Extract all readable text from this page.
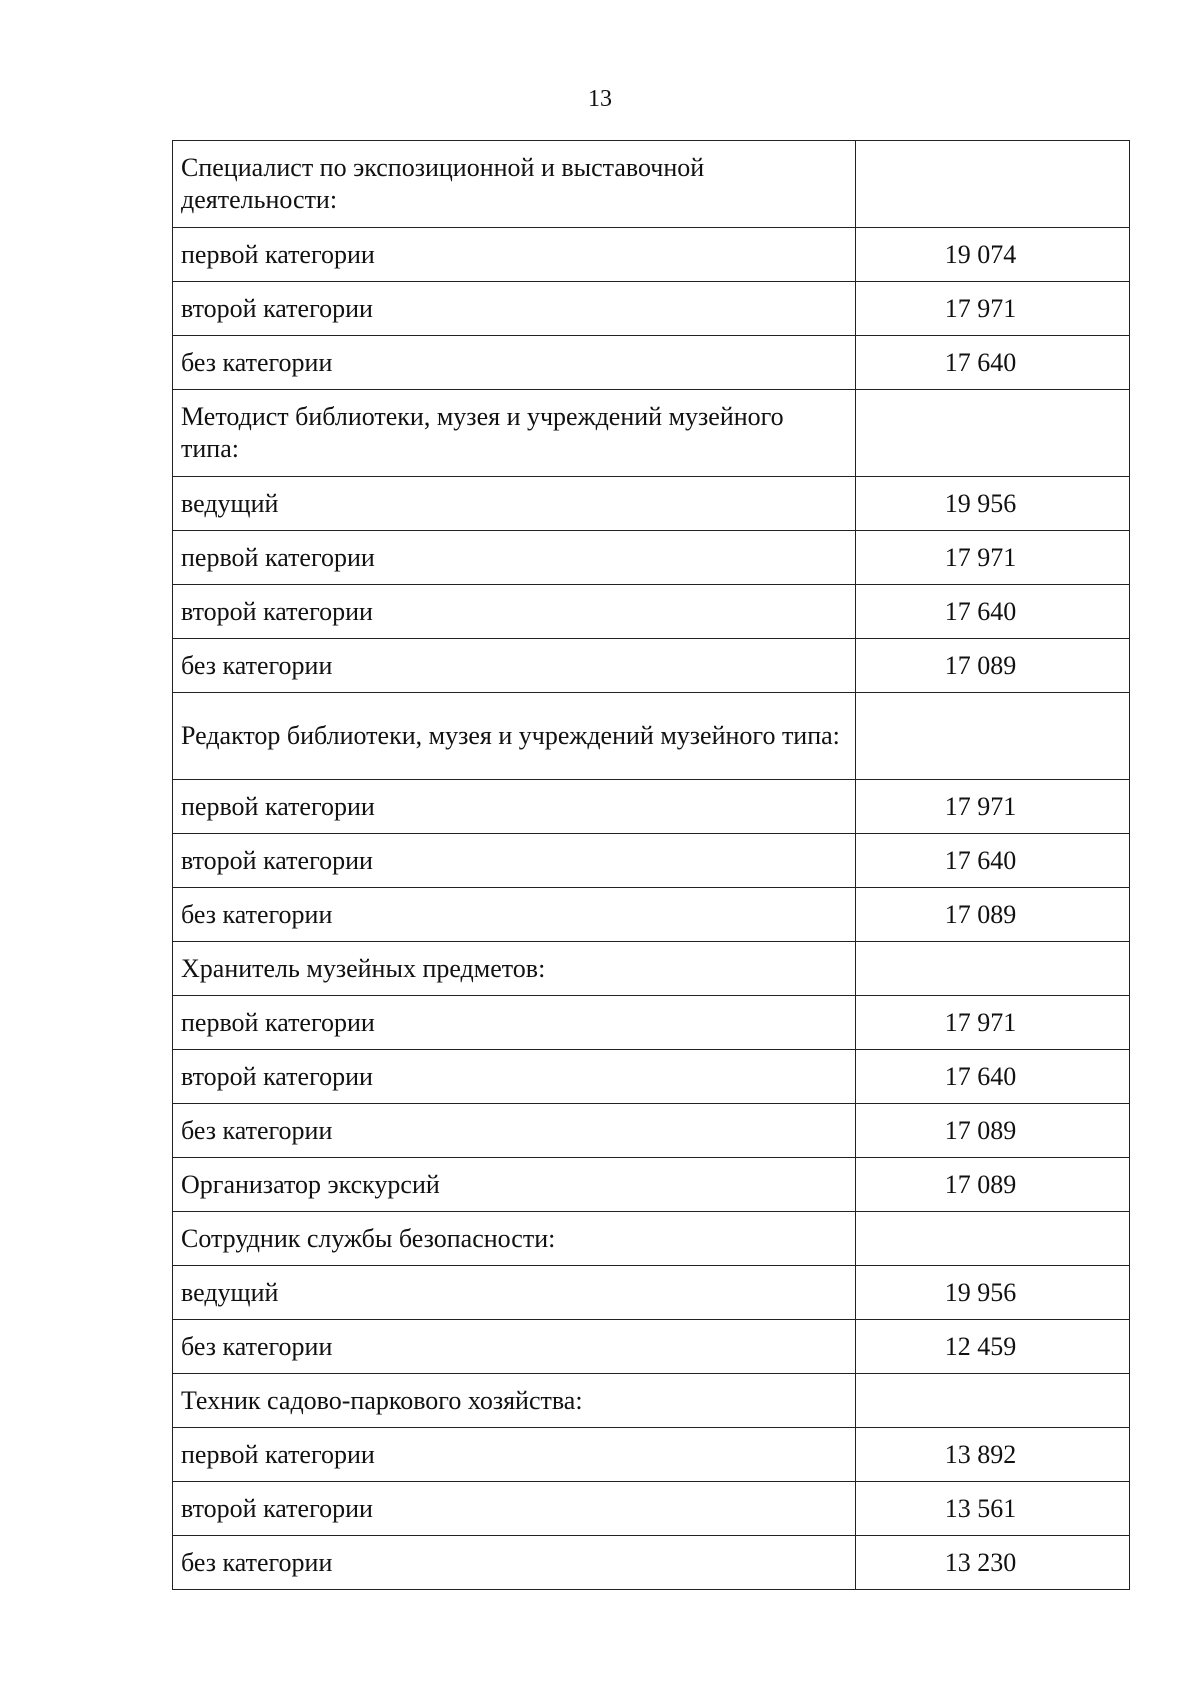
13
Специалист по экспозиционной и выставочной деятельности:	
первой категории	19 074
второй категории	17 971
без категории	17 640
Методист библиотеки, музея и учреждений музейного типа:	
ведущий	19 956
первой категории	17 971
второй категории	17 640
без категории	17 089
Редактор библиотеки, музея и учреждений музейного типа:	
первой категории	17 971
второй категории	17 640
без категории	17 089
Хранитель музейных предметов:	
первой категории	17 971
второй категории	17 640
без категории	17 089
Организатор экскурсий	17 089
Сотрудник службы безопасности:	
ведущий	19 956
без категории	12 459
Техник садово-паркового хозяйства:	
первой категории	13 892
второй категории	13 561
без категории	13 230
